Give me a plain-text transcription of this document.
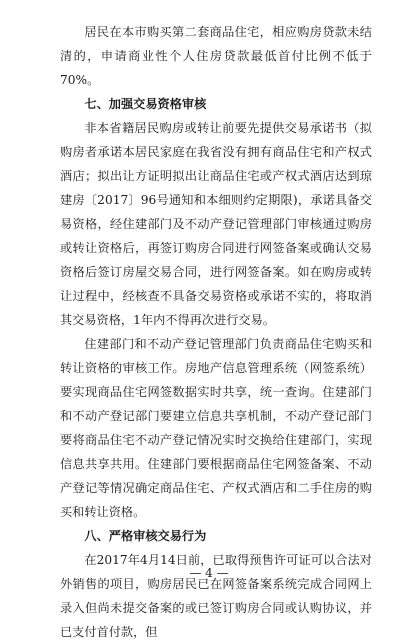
居民在本市购买第二套商品住宅，相应购房贷款未结清的，申请商业性个人住房贷款最低首付比例不低于70%。

七、加强交易资格审核

非本省籍居民购房或转让前要先提供交易承诺书（拟购房者承诺本居民家庭在我省没有拥有商品住宅和产权式酒店；拟出让方证明拟出让商品住宅或产权式酒店达到琼建房〔2017〕96号通知和本细则约定期限)，承诺具备交易资格，经住建部门及不动产登记管理部门审核通过购房或转让资格后，再签订购房合同进行网签备案或确认交易资格后签订房屋交易合同，进行网签备案。如在购房或转让过程中，经核查不具备交易资格或承诺不实的，将取消其交易资格，1年内不得再次进行交易。

住建部门和不动产登记管理部门负责商品住宅购买和转让资格的审核工作。房地产信息管理系统（网签系统）要实现商品住宅网签数据实时共享，统一查询。住建部门和不动产登记部门要建立信息共享机制，不动产登记部门要将商品住宅不动产登记情况实时交换给住建部门，实现信息共享共用。住建部门要根据商品住宅网签备案、不动产登记等情况确定商品住宅、产权式酒店和二手住房的购买和转让资格。

八、严格审核交易行为

在2017年4月14日前，已取得预售许可证可以合法对外销售的项目，购房居民已在网签备案系统完成合同网上录入但尚未提交备案的或已签订购房合同或认购协议，并已支付首付款，但

— 4 —
